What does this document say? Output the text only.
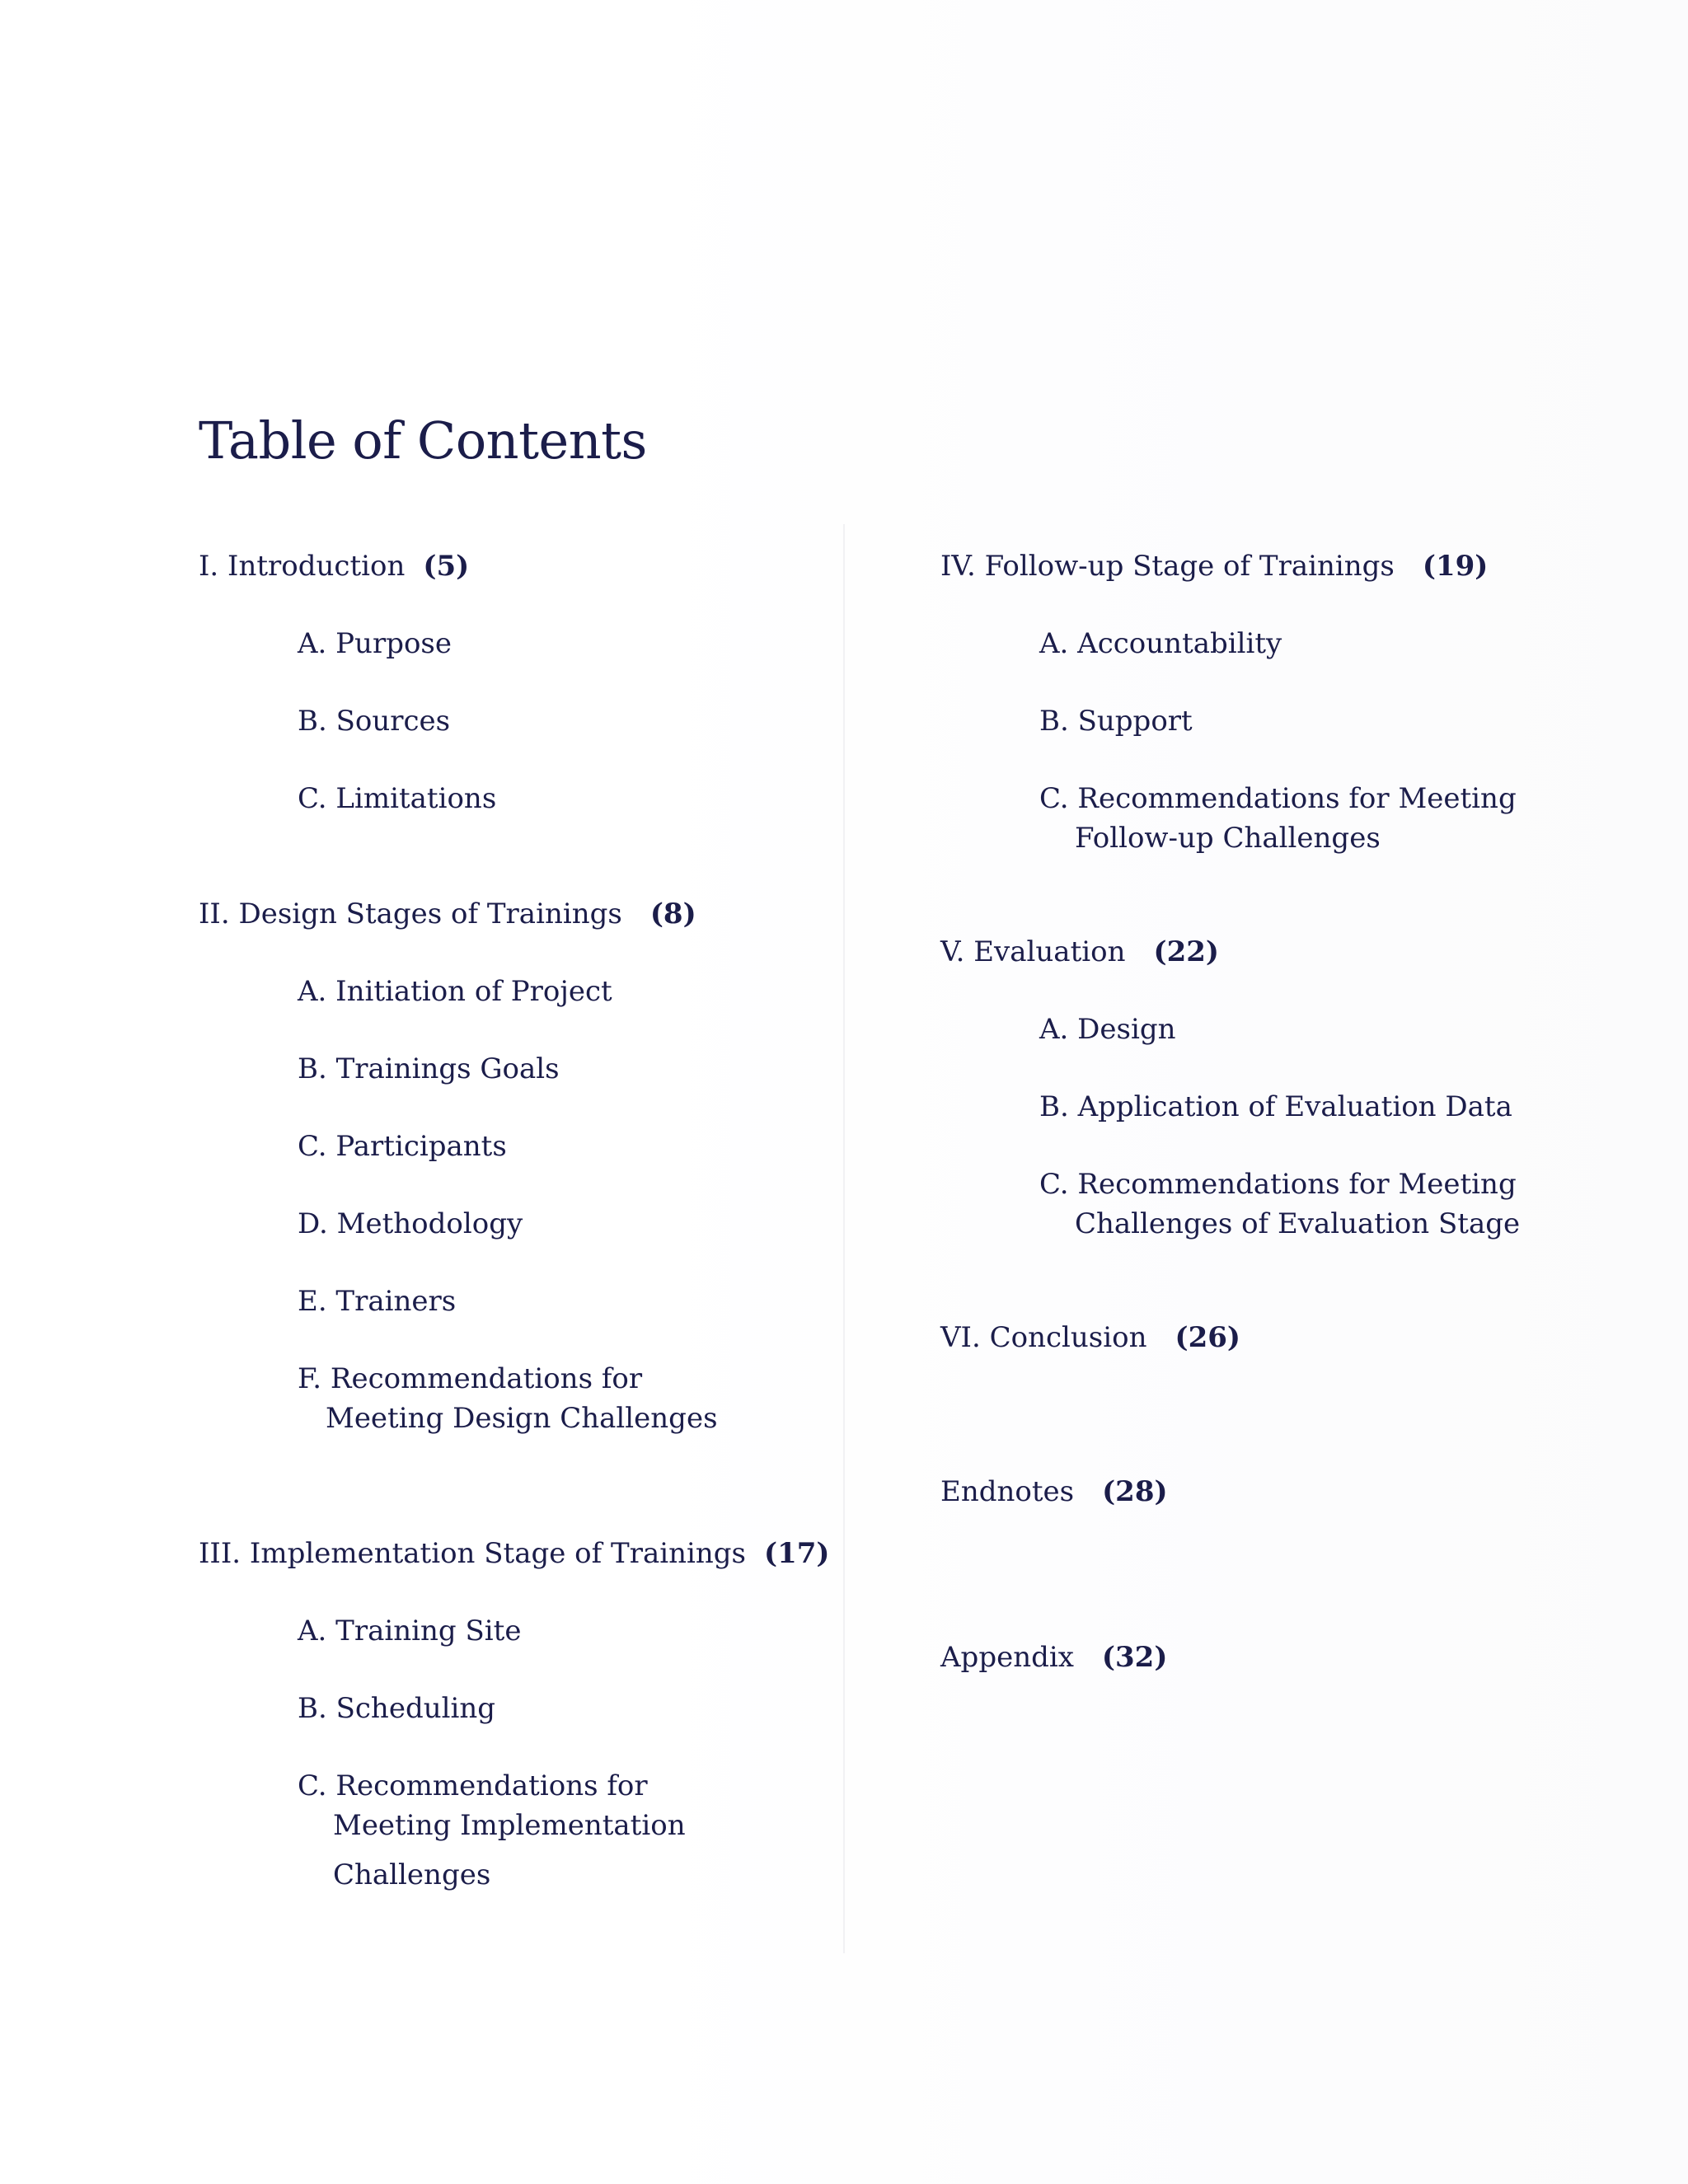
Table of Contents
I. Introduction (5)
A. Purpose
B. Sources
C. Limitations
II. Design Stages of Trainings (8)
A. Initiation of Project
B. Trainings Goals
C. Participants
D. Methodology
E. Trainers
F. Recommendations for
Meeting Design Challenges
III. Implementation Stage of Trainings (17)
A. Training Site
B. Scheduling
C. Recommendations for
Meeting Implementation
Challenges
IV. Follow-up Stage of Trainings (19)
A. Accountability
B. Support
C. Recommendations for Meeting
Follow-up Challenges
V. Evaluation (22)
A. Design
B. Application of Evaluation Data
C. Recommendations for Meeting
Challenges of Evaluation Stage
VI. Conclusion (26)
Endnotes (28)
Appendix (32)
